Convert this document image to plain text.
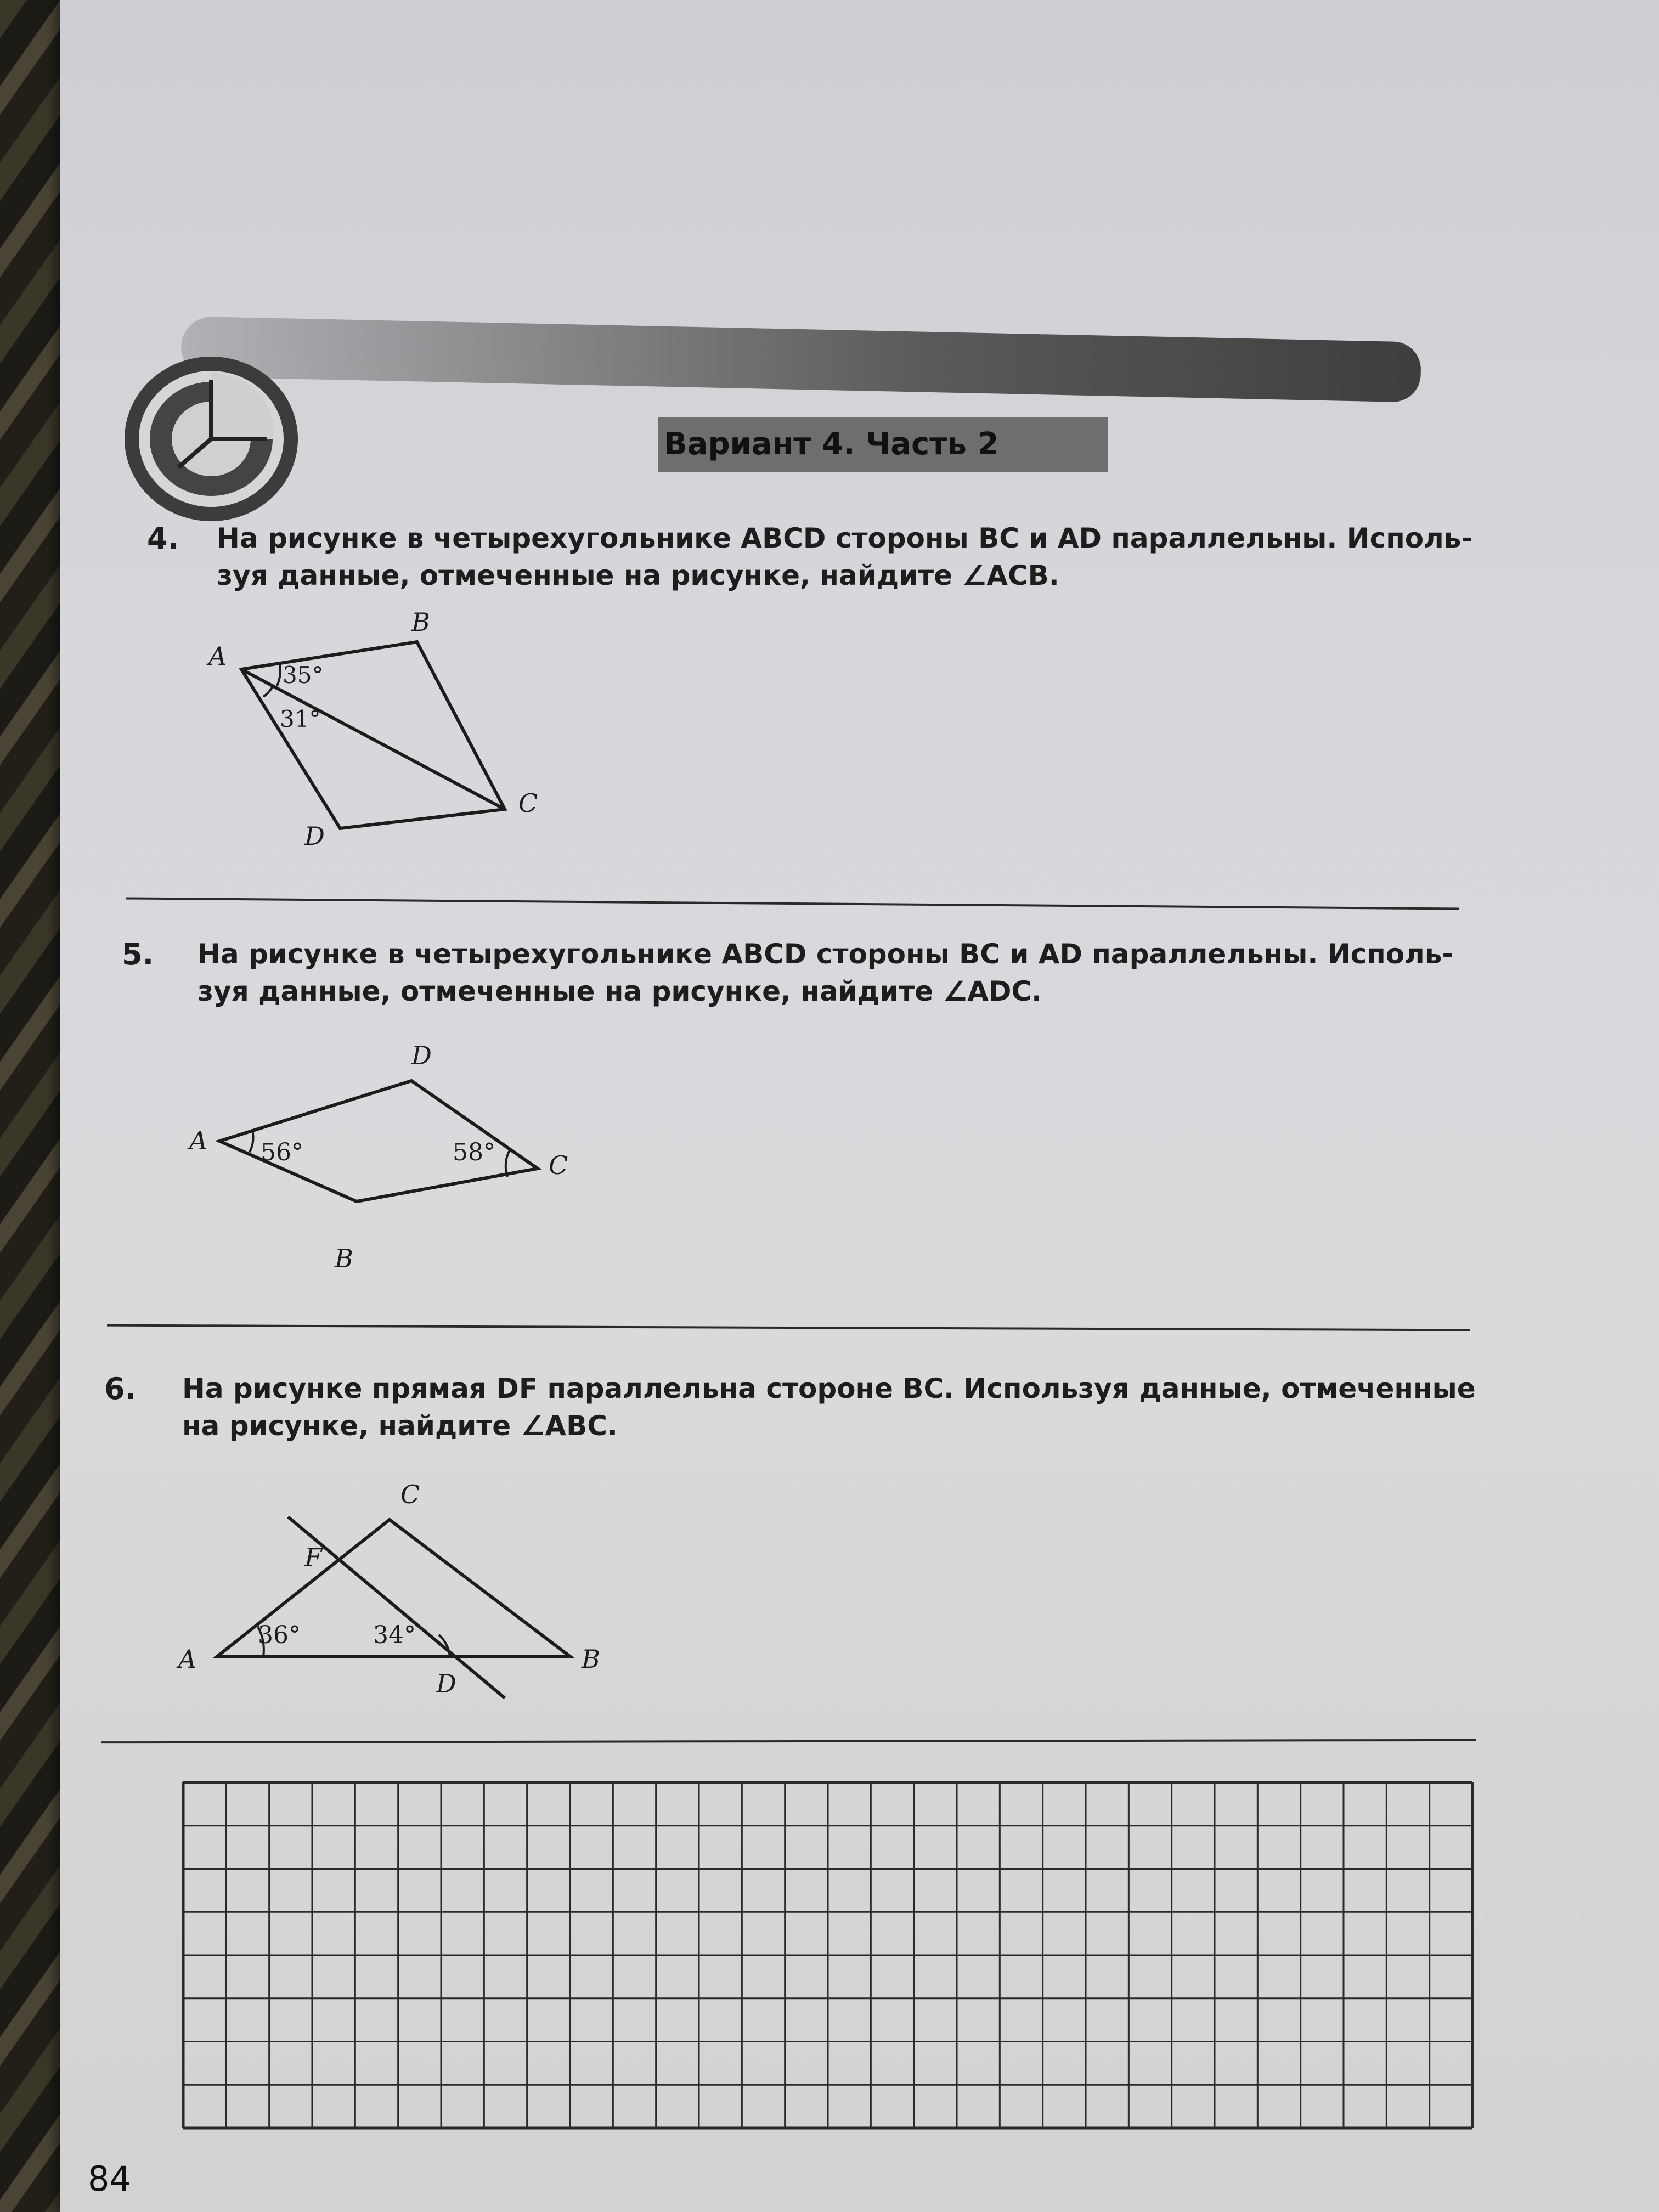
Вариант 4. Часть 2
4. На рисунке в четырехугольнике ABCD стороны BC и AD параллельны. Исполь-
зуя данные, отмеченные на рисунке, найдите ∠ACB.
A
B
C
D
35°
31°
5. На рисунке в четырехугольнике ABCD стороны BC и AD параллельны. Исполь-
зуя данные, отмеченные на рисунке, найдите ∠ADC.
A
B
C
D
56°	58°
6. На рисунке прямая DF параллельна стороне BC. Используя данные, отмеченные
на рисунке, найдите ∠ABC.
A	B
C
D
F
36°	34°
84
